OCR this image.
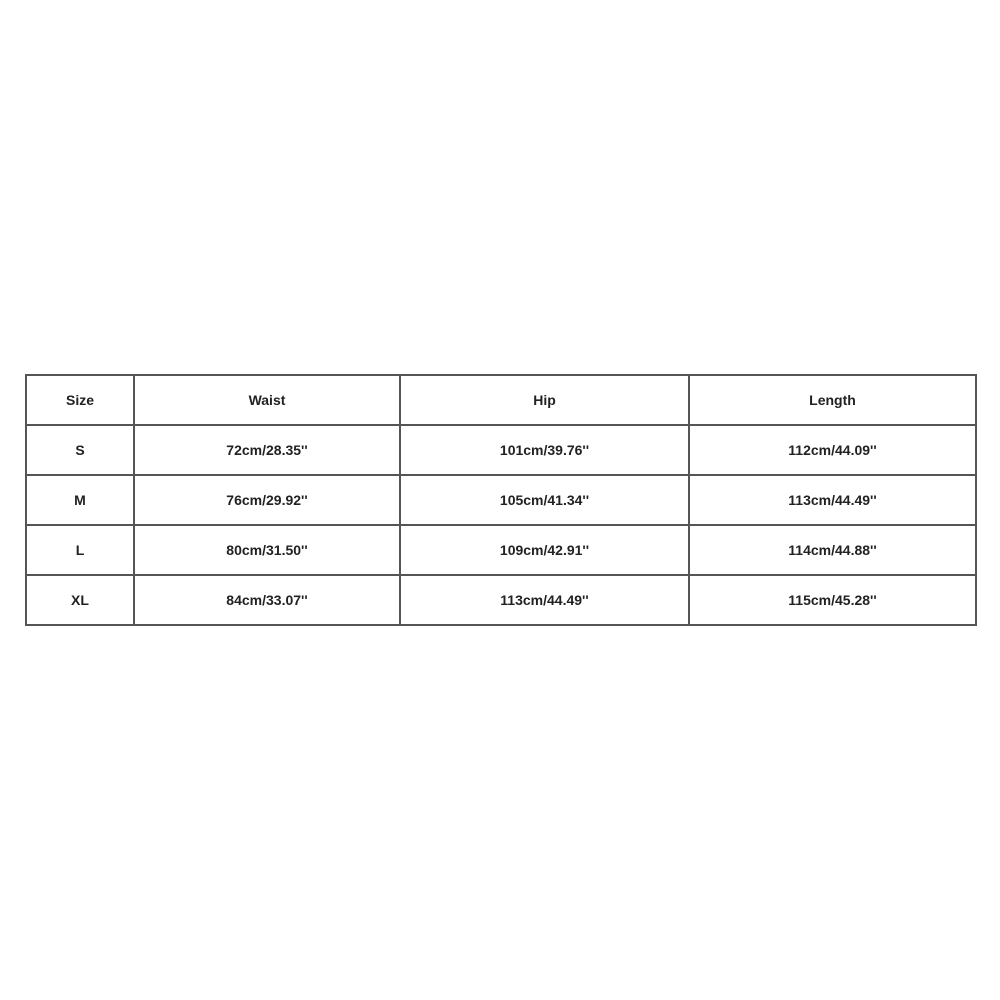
Size	Waist	Hip	Length
S	72cm/28.35''	101cm/39.76''	112cm/44.09''
M	76cm/29.92''	105cm/41.34''	113cm/44.49''
L	80cm/31.50''	109cm/42.91''	114cm/44.88''
XL	84cm/33.07''	113cm/44.49''	115cm/45.28''
